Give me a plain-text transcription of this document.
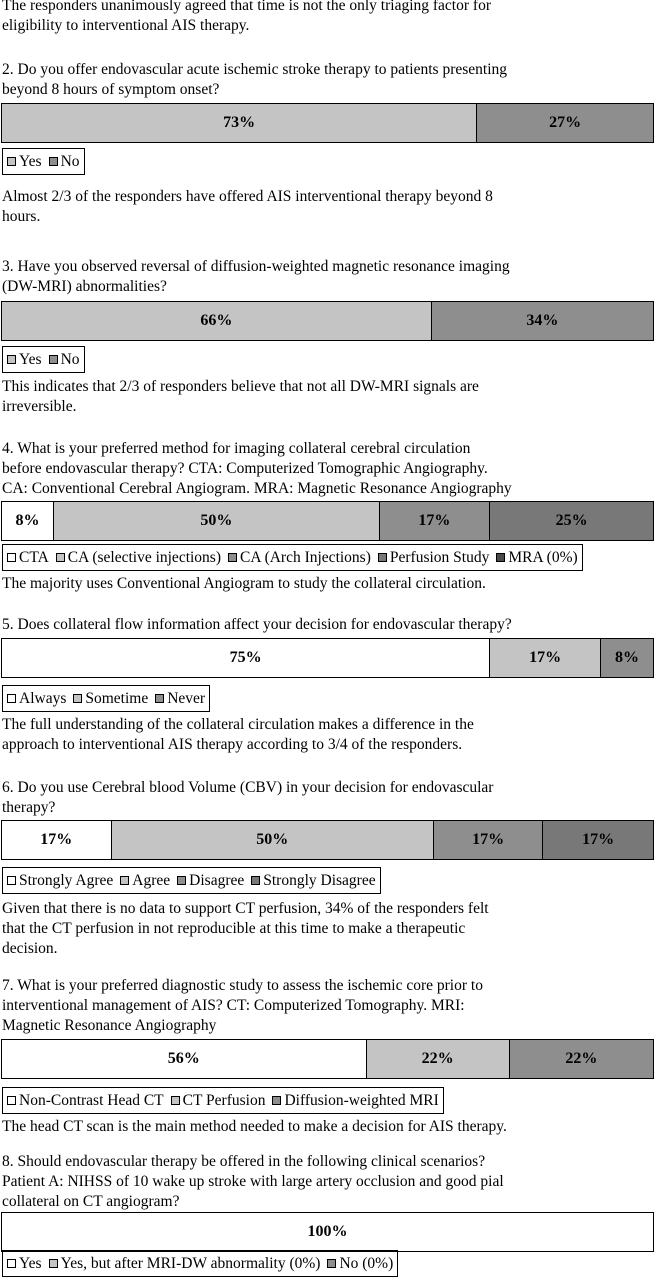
The responders unanimously agreed that time is not the only triaging factor for
eligibility to interventional AIS therapy.

2. Do you offer endovascular acute ischemic stroke therapy to patients presenting
beyond 8 hours of symptom onset?

73%	27%
Yes No

Almost 2/3 of the responders have offered AIS interventional therapy beyond 8
hours.

3. Have you observed reversal of diffusion-weighted magnetic resonance imaging
(DW-MRI) abnormalities?

66%	34%
Yes No

This indicates that 2/3 of responders believe that not all DW-MRI signals are
irreversible.

4. What is your preferred method for imaging collateral cerebral circulation
before endovascular therapy? CTA: Computerized Tomographic Angiography.
CA: Conventional Cerebral Angiogram. MRA: Magnetic Resonance Angiography

8%	50%	17%	25%
CTA CA (selective injections) CA (Arch Injections) Perfusion Study MRA (0%)

The majority uses Conventional Angiogram to study the collateral circulation.

5. Does collateral flow information affect your decision for endovascular therapy?

75%	17%	8%
Always Sometime Never

The full understanding of the collateral circulation makes a difference in the
approach to interventional AIS therapy according to 3/4 of the responders.

6. Do you use Cerebral blood Volume (CBV) in your decision for endovascular
therapy?

17%	50%	17%	17%
Strongly Agree Agree Disagree Strongly Disagree

Given that there is no data to support CT perfusion, 34% of the responders felt
that the CT perfusion in not reproducible at this time to make a therapeutic
decision.

7. What is your preferred diagnostic study to assess the ischemic core prior to
interventional management of AIS? CT: Computerized Tomography. MRI:
Magnetic Resonance Angiography

56%	22%	22%
Non-Contrast Head CT CT Perfusion Diffusion-weighted MRI

The head CT scan is the main method needed to make a decision for AIS therapy.

8. Should endovascular therapy be offered in the following clinical scenarios?
Patient A: NIHSS of 10 wake up stroke with large artery occlusion and good pial
collateral on CT angiogram?

100%
Yes Yes, but after MRI-DW abnormality (0%) No (0%)
